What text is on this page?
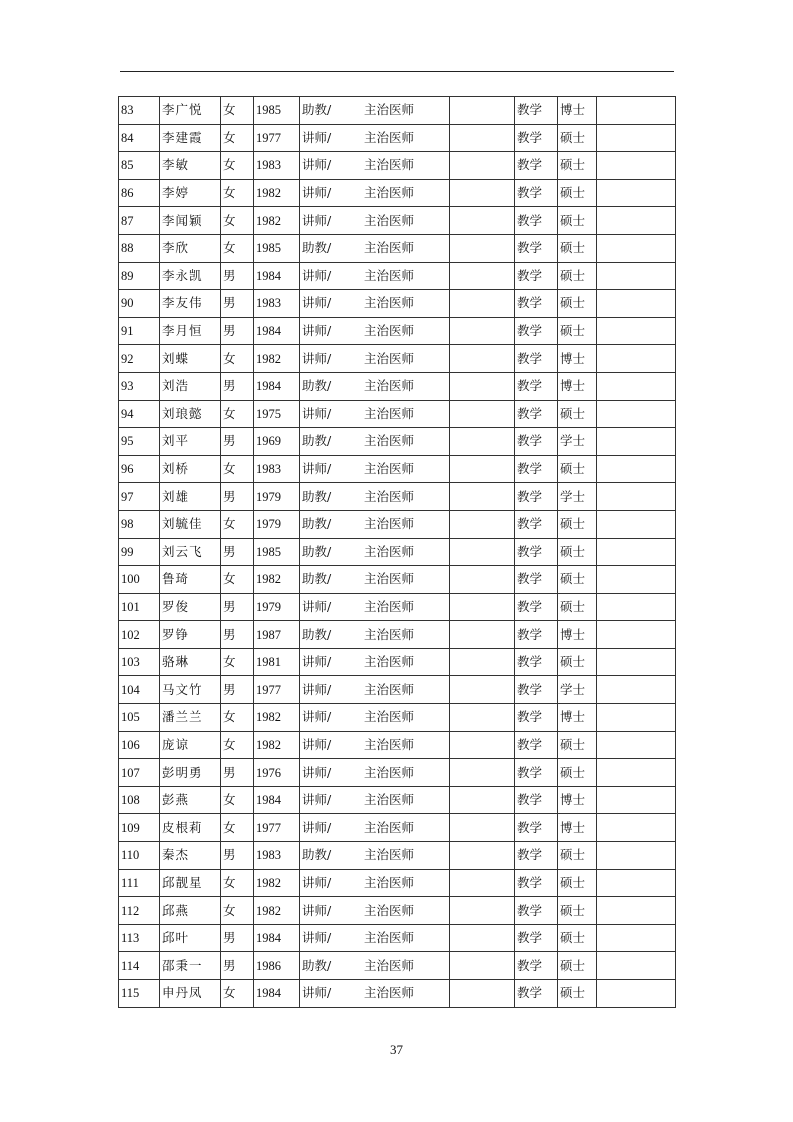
83	李广悦	女	1985	助教/ 主治医师		教学	博士	
84	李建霞	女	1977	讲师/ 主治医师		教学	硕士	
85	李敏	女	1983	讲师/ 主治医师		教学	硕士	
86	李婷	女	1982	讲师/ 主治医师		教学	硕士	
87	李闻颖	女	1982	讲师/ 主治医师		教学	硕士	
88	李欣	女	1985	助教/ 主治医师		教学	硕士	
89	李永凯	男	1984	讲师/ 主治医师		教学	硕士	
90	李友伟	男	1983	讲师/ 主治医师		教学	硕士	
91	李月恒	男	1984	讲师/ 主治医师		教学	硕士	
92	刘蝶	女	1982	讲师/ 主治医师		教学	博士	
93	刘浩	男	1984	助教/ 主治医师		教学	博士	
94	刘琅懿	女	1975	讲师/ 主治医师		教学	硕士	
95	刘平	男	1969	助教/ 主治医师		教学	学士	
96	刘桥	女	1983	讲师/ 主治医师		教学	硕士	
97	刘雄	男	1979	助教/ 主治医师		教学	学士	
98	刘毓佳	女	1979	助教/ 主治医师		教学	硕士	
99	刘云飞	男	1985	助教/ 主治医师		教学	硕士	
100	鲁琦	女	1982	助教/ 主治医师		教学	硕士	
101	罗俊	男	1979	讲师/ 主治医师		教学	硕士	
102	罗铮	男	1987	助教/ 主治医师		教学	博士	
103	骆琳	女	1981	讲师/ 主治医师		教学	硕士	
104	马文竹	男	1977	讲师/ 主治医师		教学	学士	
105	潘兰兰	女	1982	讲师/ 主治医师		教学	博士	
106	庞谅	女	1982	讲师/ 主治医师		教学	硕士	
107	彭明勇	男	1976	讲师/ 主治医师		教学	硕士	
108	彭燕	女	1984	讲师/ 主治医师		教学	博士	
109	皮根莉	女	1977	讲师/ 主治医师		教学	博士	
110	秦杰	男	1983	助教/ 主治医师		教学	硕士	
111	邱靓星	女	1982	讲师/ 主治医师		教学	硕士	
112	邱燕	女	1982	讲师/ 主治医师		教学	硕士	
113	邱叶	男	1984	讲师/ 主治医师		教学	硕士	
114	邵秉一	男	1986	助教/ 主治医师		教学	硕士	
115	申丹凤	女	1984	讲师/ 主治医师		教学	硕士	
37
